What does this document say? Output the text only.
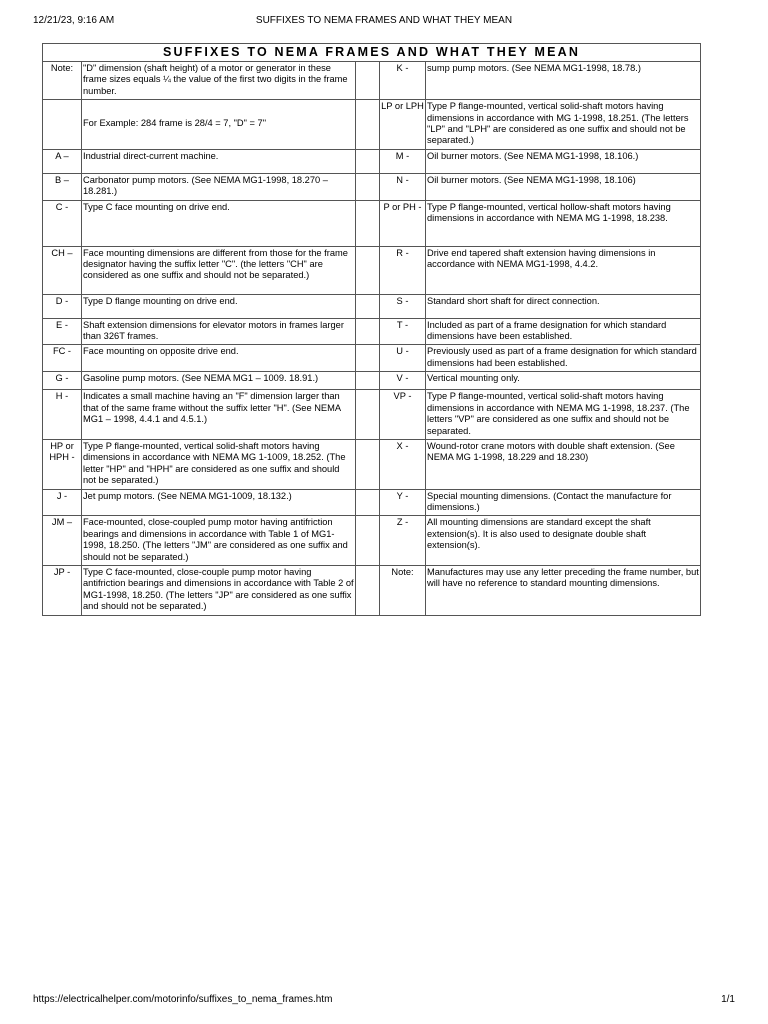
12/21/23, 9:16 AM	SUFFIXES TO NEMA FRAMES AND WHAT THEY MEAN
SUFFIXES TO NEMA FRAMES AND WHAT THEY MEAN				
Note:	"D" dimension (shaft height) of a motor or generator in these frame sizes equals ¼ the value of the first two digits in the frame number.		K -	sump pump motors. (See NEMA MG1-1998, 18.78.)
	For Example: 284 frame is 28/4 = 7, "D" = 7"		LP or LPH	Type P flange-mounted, vertical solid-shaft motors having dimensions in accordance with MG 1-1998, 18.251. (The letters "LP" and "LPH" are considered as one suffix and should not be separated.)
A –	Industrial direct-current machine.		M -	Oil burner motors. (See NEMA MG1-1998, 18.106.)
B –	Carbonator pump motors. (See NEMA MG1-1998, 18.270 – 18.281.)		N -	Oil burner motors. (See NEMA MG1-1998, 18.106)
C -	Type C face mounting on drive end.		P or PH -	Type P flange-mounted, vertical hollow-shaft motors having dimensions in accordance with NEMA MG 1-1998, 18.238.
CH –	Face mounting dimensions are different from those for the frame designator having the suffix letter "C". (the letters "CH" are considered as one suffix and should not be separated.)		R -	Drive end tapered shaft extension having dimensions in accordance with NEMA MG1-1998, 4.4.2.
D -	Type D flange mounting on drive end.		S -	Standard short shaft for direct connection.
E -	Shaft extension dimensions for elevator motors in frames larger than 326T frames.		T -	Included as part of a frame designation for which standard dimensions have been established.
FC -	Face mounting on opposite drive end.		U -	Previously used as part of a frame designation for which standard dimensions had been established.
G -	Gasoline pump motors. (See NEMA MG1 – 1009. 18.91.)		V -	Vertical mounting only.
H -	Indicates a small machine having an "F" dimension larger than that of the same frame without the suffix letter "H". (See NEMA MG1 – 1998, 4.4.1 and 4.5.1.)		VP -	Type P flange-mounted, vertical solid-shaft motors having dimensions in accordance with NEMA MG 1-1998, 18.237. (The letters "VP" are considered as one suffix and should not be separated.
HP or HPH -	Type P flange-mounted, vertical solid-shaft motors having dimensions in accordance with NEMA MG 1-1009, 18.252. (The letter "HP" and "HPH" are considered as one suffix and should not be separated.)		X -	Wound-rotor crane motors with double shaft extension. (See NEMA MG 1-1998, 18.229 and 18.230)
J -	Jet pump motors. (See NEMA MG1-1009, 18.132.)		Y -	Special mounting dimensions. (Contact the manufacture for dimensions.)
JM –	Face-mounted, close-coupled pump motor having antifriction bearings and dimensions in accordance with Table 1 of MG1-1998, 18.250. (The letters "JM" are considered as one suffix and should not be separated.)		Z -	All mounting dimensions are standard except the shaft extension(s). It is also used to designate double shaft extension(s).
JP -	Type C face-mounted, close-couple pump motor having antifriction bearings and dimensions in accordance with Table 2 of MG1-1998, 18.250. (The letters "JP" are considered as one suffix and should not be separated.)		Note:	Manufactures may use any letter preceding the frame number, but will have no reference to standard mounting dimensions.
https://electricalhelper.com/motorinfo/suffixes_to_nema_frames.htm	1/1
